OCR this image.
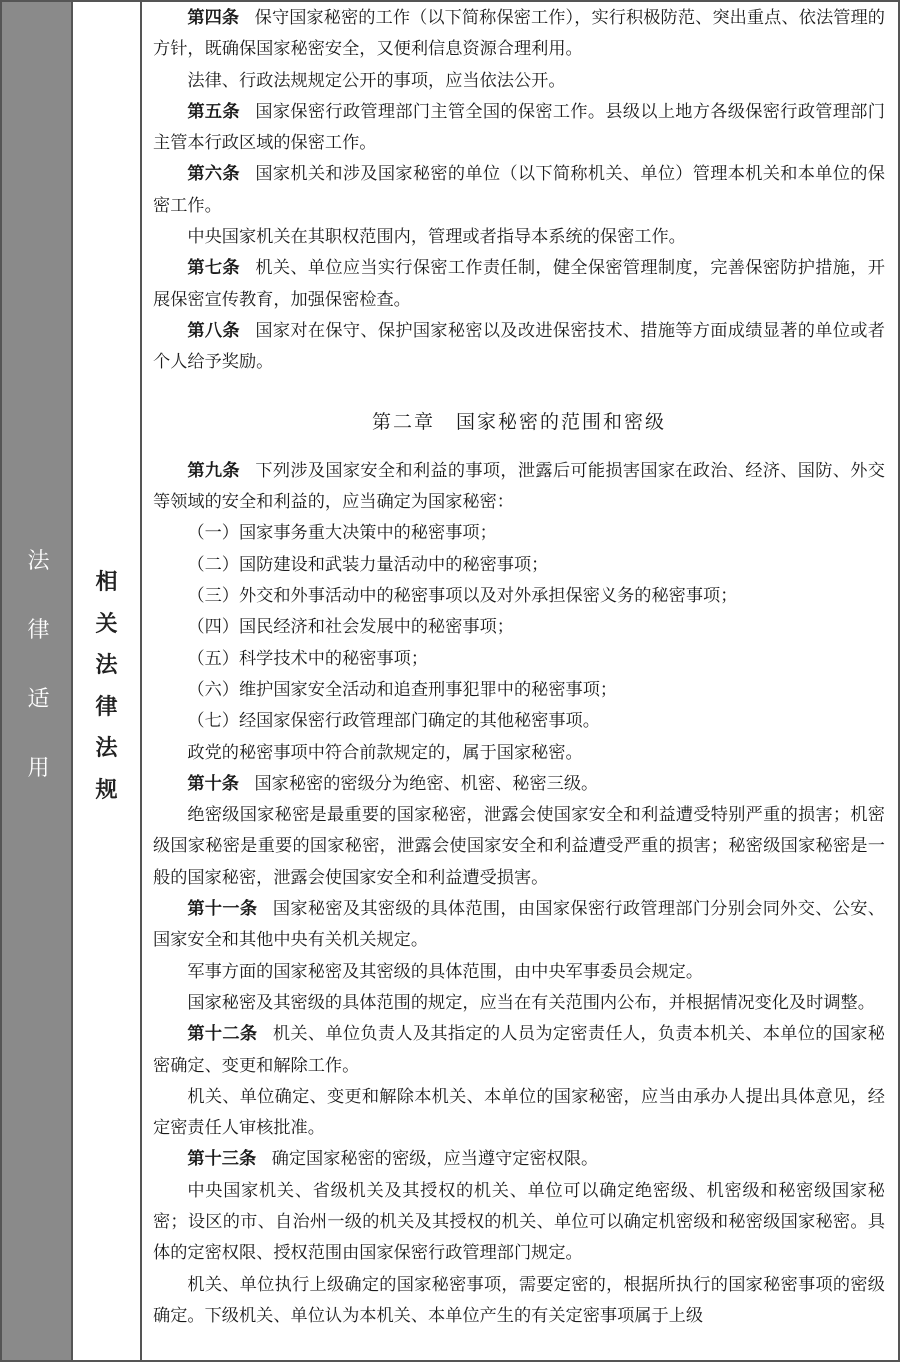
法
律
适
用
相
关
法
律
法
规

第四条 保守国家秘密的工作（以下简称保密工作），实行积极防范、突出重点、依法管理的方针，既确保国家秘密安全，又便利信息资源合理利用。

法律、行政法规规定公开的事项，应当依法公开。

第五条 国家保密行政管理部门主管全国的保密工作。县级以上地方各级保密行政管理部门主管本行政区域的保密工作。

第六条 国家机关和涉及国家秘密的单位（以下简称机关、单位）管理本机关和本单位的保密工作。

中央国家机关在其职权范围内，管理或者指导本系统的保密工作。

第七条 机关、单位应当实行保密工作责任制，健全保密管理制度，完善保密防护措施，开展保密宣传教育，加强保密检查。

第八条 国家对在保守、保护国家秘密以及改进保密技术、措施等方面成绩显著的单位或者个人给予奖励。

第二章　国家秘密的范围和密级

第九条 下列涉及国家安全和利益的事项，泄露后可能损害国家在政治、经济、国防、外交等领域的安全和利益的，应当确定为国家秘密：

（一）国家事务重大决策中的秘密事项；

（二）国防建设和武装力量活动中的秘密事项；

（三）外交和外事活动中的秘密事项以及对外承担保密义务的秘密事项；

（四）国民经济和社会发展中的秘密事项；

（五）科学技术中的秘密事项；

（六）维护国家安全活动和追查刑事犯罪中的秘密事项；

（七）经国家保密行政管理部门确定的其他秘密事项。

政党的秘密事项中符合前款规定的，属于国家秘密。

第十条 国家秘密的密级分为绝密、机密、秘密三级。

绝密级国家秘密是最重要的国家秘密，泄露会使国家安全和利益遭受特别严重的损害；机密级国家秘密是重要的国家秘密，泄露会使国家安全和利益遭受严重的损害；秘密级国家秘密是一般的国家秘密，泄露会使国家安全和利益遭受损害。

第十一条 国家秘密及其密级的具体范围，由国家保密行政管理部门分别会同外交、公安、国家安全和其他中央有关机关规定。

军事方面的国家秘密及其密级的具体范围，由中央军事委员会规定。

国家秘密及其密级的具体范围的规定，应当在有关范围内公布，并根据情况变化及时调整。

第十二条 机关、单位负责人及其指定的人员为定密责任人，负责本机关、本单位的国家秘密确定、变更和解除工作。

机关、单位确定、变更和解除本机关、本单位的国家秘密，应当由承办人提出具体意见，经定密责任人审核批准。

第十三条 确定国家秘密的密级，应当遵守定密权限。

中央国家机关、省级机关及其授权的机关、单位可以确定绝密级、机密级和秘密级国家秘密；设区的市、自治州一级的机关及其授权的机关、单位可以确定机密级和秘密级国家秘密。具体的定密权限、授权范围由国家保密行政管理部门规定。

机关、单位执行上级确定的国家秘密事项，需要定密的，根据所执行的国家秘密事项的密级确定。下级机关、单位认为本机关、本单位产生的有关定密事项属于上级
